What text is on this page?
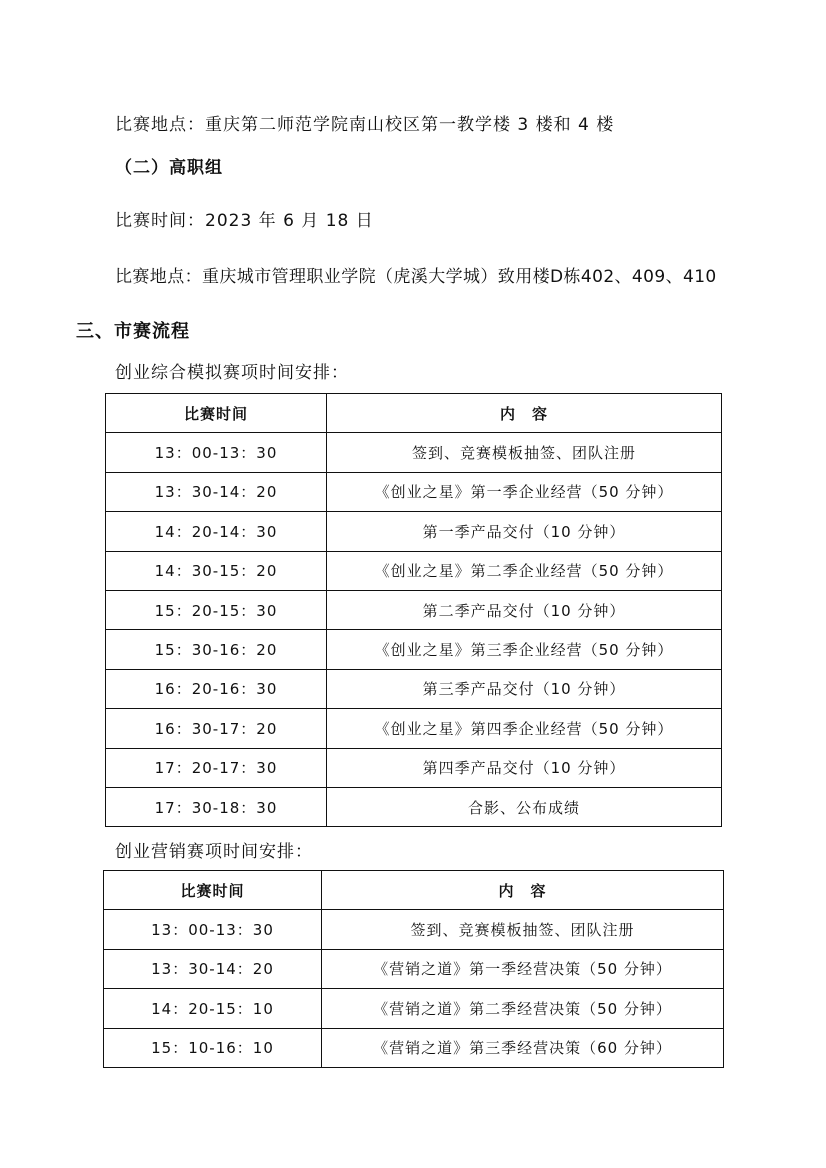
比赛地点：重庆第二师范学院南山校区第一教学楼 3 楼和 4 楼
（二）高职组
比赛时间：2023 年 6 月 18 日
比赛地点：重庆城市管理职业学院（虎溪大学城）致用楼D栋402、409、410
三、市赛流程
创业综合模拟赛项时间安排：
比赛时间	内　容
13：00-13：30	签到、竞赛模板抽签、团队注册
13：30-14：20	《创业之星》第一季企业经营（50 分钟）
14：20-14：30	第一季产品交付（10 分钟）
14：30-15：20	《创业之星》第二季企业经营（50 分钟）
15：20-15：30	第二季产品交付（10 分钟）
15：30-16：20	《创业之星》第三季企业经营（50 分钟）
16：20-16：30	第三季产品交付（10 分钟）
16：30-17：20	《创业之星》第四季企业经营（50 分钟）
17：20-17：30	第四季产品交付（10 分钟）
17：30-18：30	合影、公布成绩
创业营销赛项时间安排：
比赛时间	内　容
13：00-13：30	签到、竞赛模板抽签、团队注册
13：30-14：20	《营销之道》第一季经营决策（50 分钟）
14：20-15：10	《营销之道》第二季经营决策（50 分钟）
15：10-16：10	《营销之道》第三季经营决策（60 分钟）
